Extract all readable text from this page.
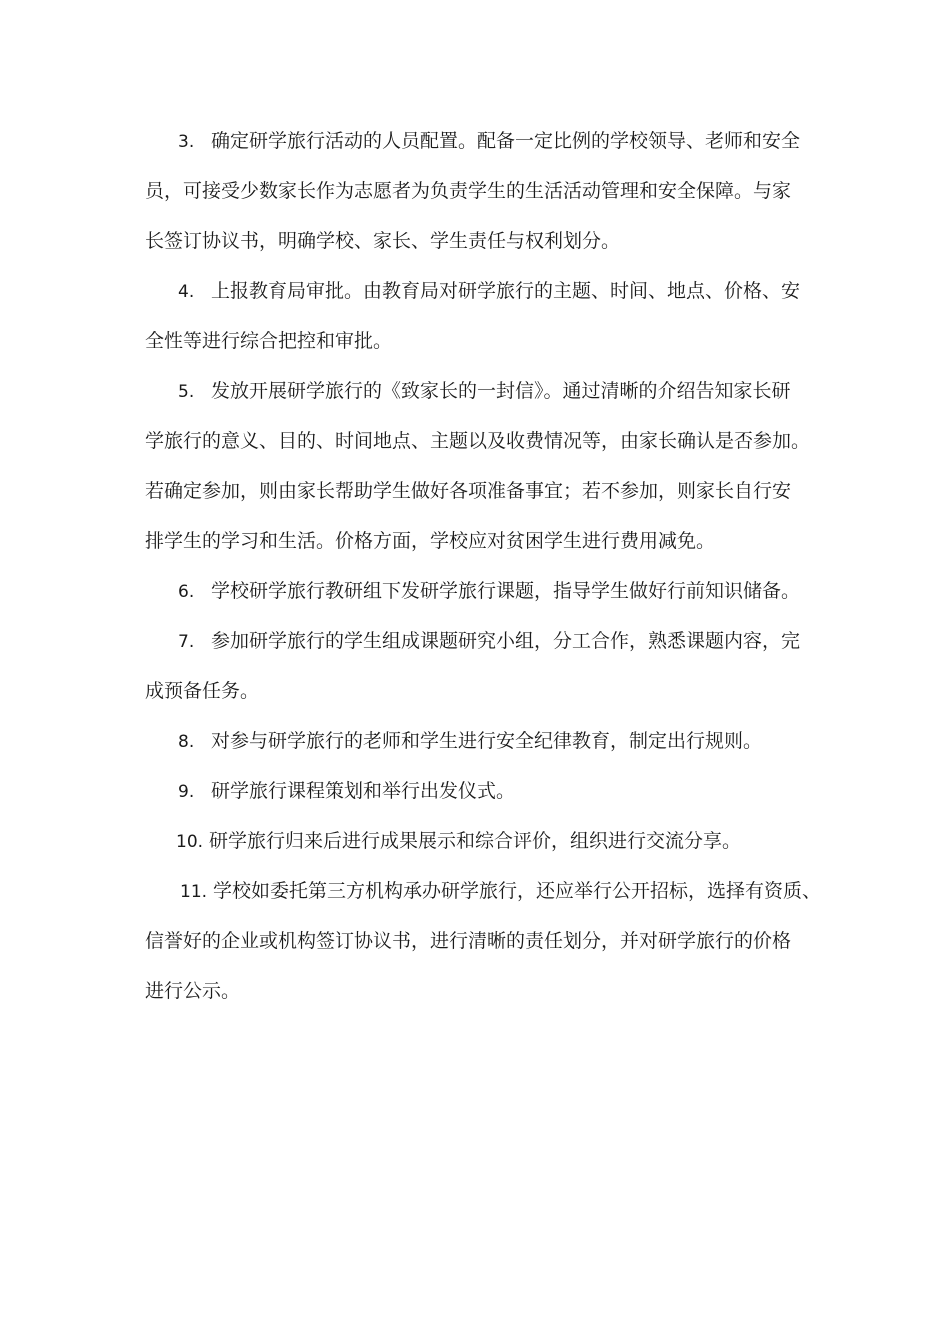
3. 确定研学旅行活动的人员配置。配备一定比例的学校领导、老师和安全
员，可接受少数家长作为志愿者为负责学生的生活活动管理和安全保障。与家
长签订协议书，明确学校、家长、学生责任与权利划分。
4. 上报教育局审批。由教育局对研学旅行的主题、时间、地点、价格、安
全性等进行综合把控和审批。
5. 发放开展研学旅行的《致家长的一封信》。通过清晰的介绍告知家长研
学旅行的意义、目的、时间地点、主题以及收费情况等，由家长确认是否参加。
若确定参加，则由家长帮助学生做好各项准备事宜；若不参加，则家长自行安
排学生的学习和生活。价格方面，学校应对贫困学生进行费用减免。
6. 学校研学旅行教研组下发研学旅行课题，指导学生做好行前知识储备。
7. 参加研学旅行的学生组成课题研究小组，分工合作，熟悉课题内容，完
成预备任务。
8. 对参与研学旅行的老师和学生进行安全纪律教育，制定出行规则。
9. 研学旅行课程策划和举行出发仪式。
10. 研学旅行归来后进行成果展示和综合评价，组织进行交流分享。
11. 学校如委托第三方机构承办研学旅行，还应举行公开招标，选择有资质、
信誉好的企业或机构签订协议书，进行清晰的责任划分，并对研学旅行的价格
进行公示。
